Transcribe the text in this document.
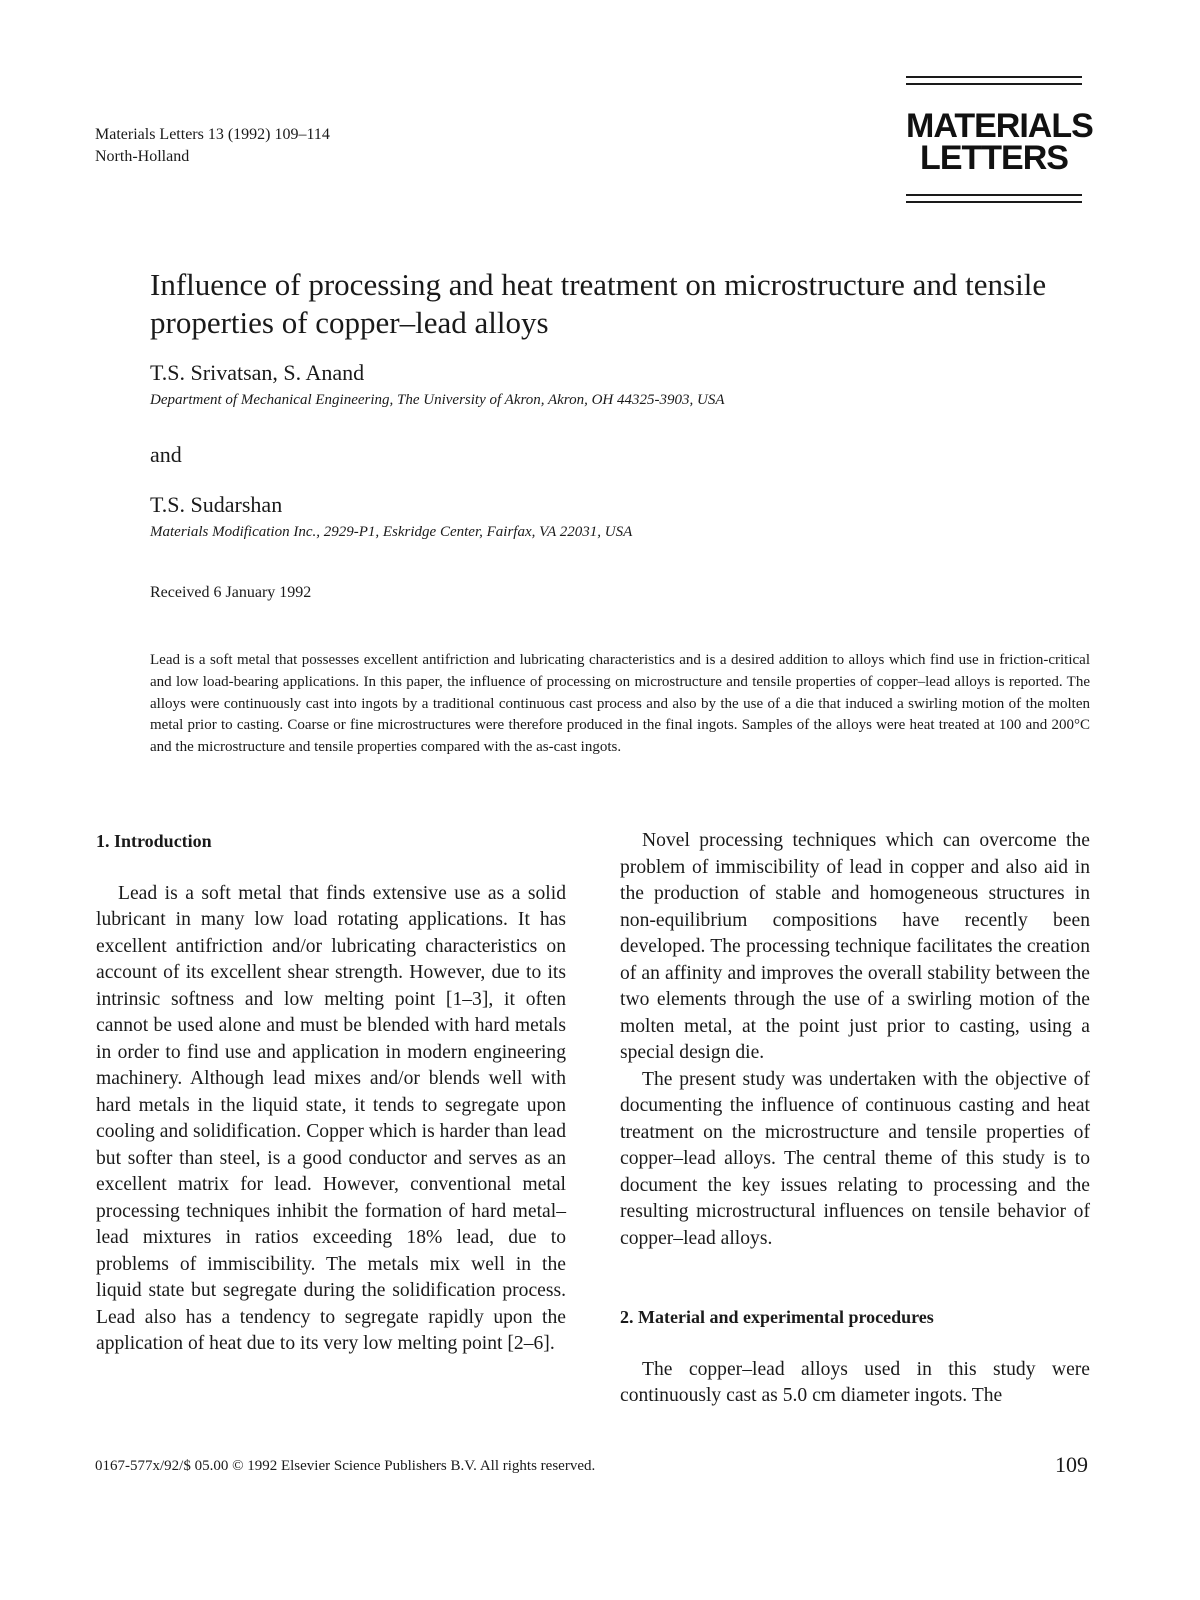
Materials Letters 13 (1992) 109–114
North-Holland
MATERIALS
LETTERS
Influence of processing and heat treatment on microstructure and tensile properties of copper–lead alloys
T.S. Srivatsan, S. Anand
Department of Mechanical Engineering, The University of Akron, Akron, OH 44325-3903, USA
and
T.S. Sudarshan
Materials Modification Inc., 2929-P1, Eskridge Center, Fairfax, VA 22031, USA
Received 6 January 1992
Lead is a soft metal that possesses excellent antifriction and lubricating characteristics and is a desired addition to alloys which find use in friction-critical and low load-bearing applications. In this paper, the influence of processing on microstructure and tensile properties of copper–lead alloys is reported. The alloys were continuously cast into ingots by a traditional continuous cast process and also by the use of a die that induced a swirling motion of the molten metal prior to casting. Coarse or fine microstructures were therefore produced in the final ingots. Samples of the alloys were heat treated at 100 and 200°C and the microstructure and tensile properties compared with the as-cast ingots.

1. Introduction

Lead is a soft metal that finds extensive use as a solid lubricant in many low load rotating applications. It has excellent antifriction and/or lubricating characteristics on account of its excellent shear strength. However, due to its intrinsic softness and low melting point [1–3], it often cannot be used alone and must be blended with hard metals in order to find use and application in modern engineering machinery. Although lead mixes and/or blends well with hard metals in the liquid state, it tends to segregate upon cooling and solidification. Copper which is harder than lead but softer than steel, is a good conductor and serves as an excellent matrix for lead. However, conventional metal processing techniques inhibit the formation of hard metal–lead mixtures in ratios exceeding 18% lead, due to problems of immiscibility. The metals mix well in the liquid state but segregate during the solidification process. Lead also has a tendency to segregate rapidly upon the application of heat due to its very low melting point [2–6].

Novel processing techniques which can overcome the problem of immiscibility of lead in copper and also aid in the production of stable and homogeneous structures in non-equilibrium compositions have recently been developed. The processing technique facilitates the creation of an affinity and improves the overall stability between the two elements through the use of a swirling motion of the molten metal, at the point just prior to casting, using a special design die.

The present study was undertaken with the objective of documenting the influence of continuous casting and heat treatment on the microstructure and tensile properties of copper–lead alloys. The central theme of this study is to document the key issues relating to processing and the resulting microstructural influences on tensile behavior of copper–lead alloys.

2. Material and experimental procedures

The copper–lead alloys used in this study were continuously cast as 5.0 cm diameter ingots. The

0167-577x/92/$ 05.00 © 1992 Elsevier Science Publishers B.V. All rights reserved.	109
